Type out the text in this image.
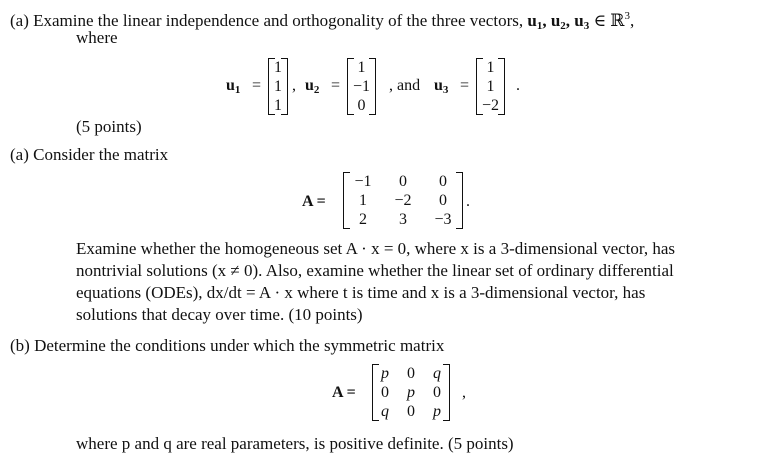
(a) Examine the linear independence and orthogonality of the three vectors, $u_1$, $u_2$, $u_3$ ∈ ℝ$^3$,
where
$u_1$ =
1
1
1
, $u_2$ =
1
−1
0
, and $u_3$ =
1
1
−2
.
(5 points)
(a) Consider the matrix
A =
−1	0	0
1	−2	0
2	3	−3
.
Examine whether the homogeneous set A · x = 0, where x is a 3-dimensional vector, has
nontrivial solutions (x ≠ 0). Also, examine whether the linear set of ordinary differential
equations (ODEs), dx/dt = A · x where t is time and x is a 3-dimensional vector, has
solutions that decay over time. (10 points)
(b) Determine the conditions under which the symmetric matrix
A =
p	0	q
0	p	0
q	0	p
,
where p and q are real parameters, is positive definite. (5 points)
